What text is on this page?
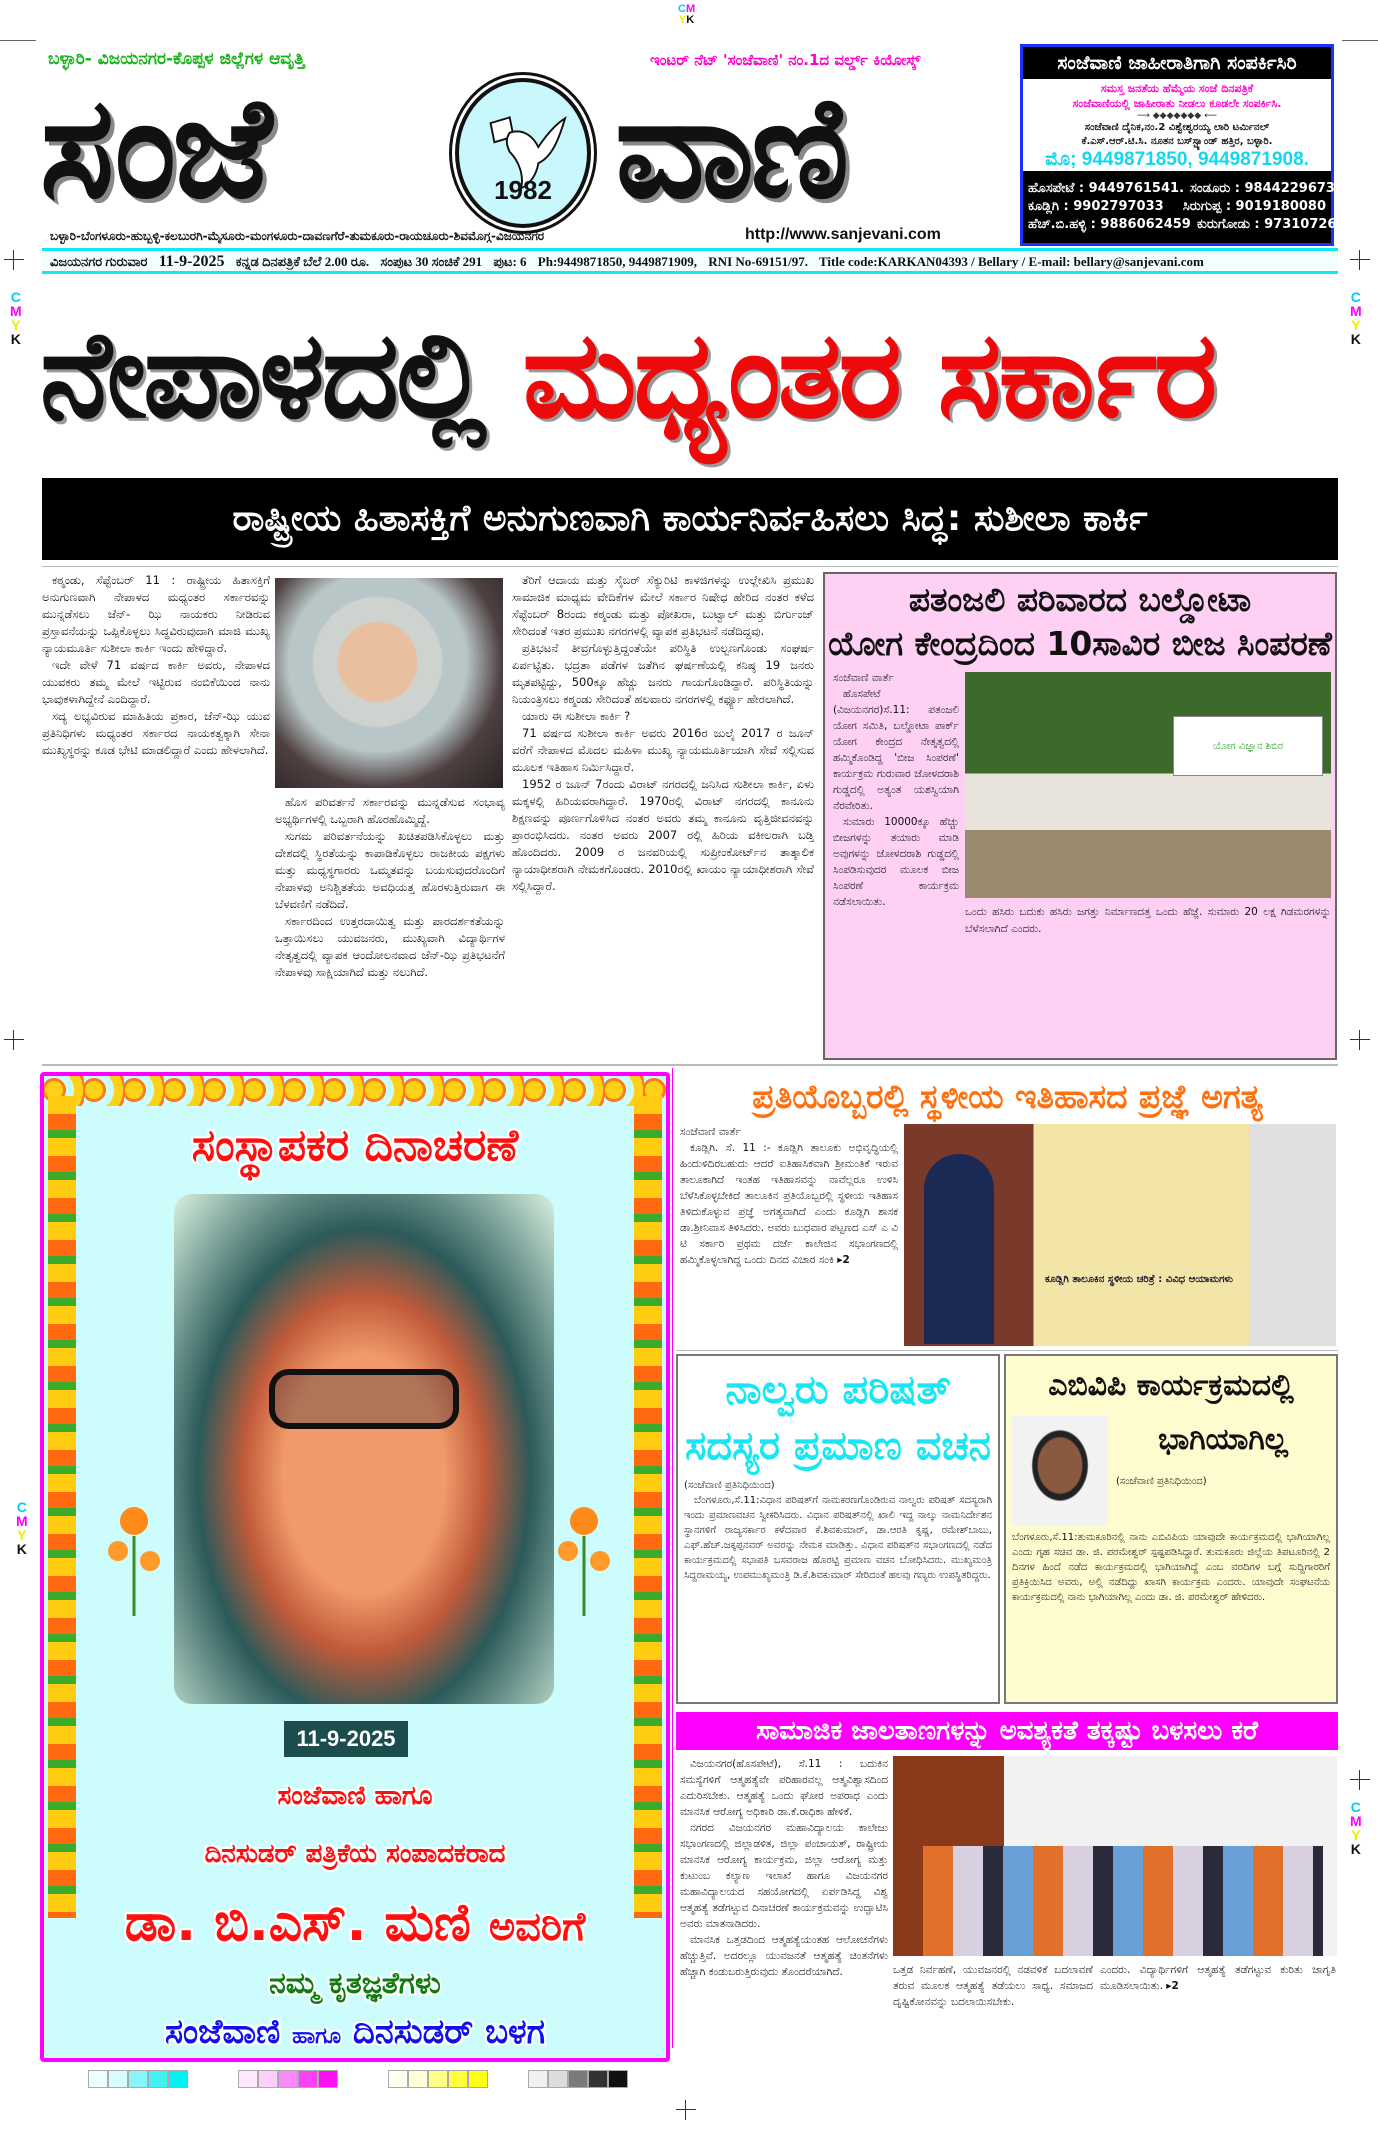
CM
YK
C
M
Y
K
C
M
Y
K
C
M
Y
K
C
M
Y
K
ಬಳ್ಳಾರಿ- ವಿಜಯನಗರ-ಕೊಪ್ಪಳ ಜಿಲ್ಲೆಗಳ ಆವೃತ್ತಿ	ಇಂಟರ್ ನೆಟ್ 'ಸಂಜೆವಾಣಿ' ನಂ.1ದ ವರ್ಲ್ಡ್ ಕಿಯೋಸ್ಕ್
ಸಂಜೆ	1982 ವಾಣಿ
ಬಳ್ಳಾರಿ-ಬೆಂಗಳೂರು-ಹುಬ್ಬಳ್ಳಿ-ಕಲಬುರಗಿ-ಮೈಸೂರು-ಮಂಗಳೂರು-ದಾವಣಗೆರೆ-ತುಮಕೂರು-ರಾಯಚೂರು-ಶಿವಮೊಗ್ಗ-ವಿಜಯನಗರ	http://www.sanjevani.com
ಸಂಜೆವಾಣಿ ಜಾಹೀರಾತಿಗಾಗಿ ಸಂಪರ್ಕಿಸಿರಿ
ಸಮಸ್ತ ಜನತೆಯ ಹೆಮ್ಮೆಯ ಸಂಜೆ ದಿನಪತ್ರಿಕೆ
ಸಂಜೆವಾಣಿಯಲ್ಲಿ ಜಾಹೀರಾತು ನೀಡಲು ಕೂಡಲೇ ಸಂಪರ್ಕಿಸಿ.
⟶ ◆◆◆◆◆◆◆ ⟵
ಸಂಜೆವಾಣಿ ದೈನಿಕ,ನಂ.2 ವಿಶ್ವೇಶ್ವರಯ್ಯ ಲಾರಿ ಟರ್ಮಿನಲ್
ಕೆ.ಎಸ್.ಆರ್.ಟಿ.ಸಿ. ನೂತನ ಬಸ್‌ಸ್ಟ್ಯಾಂಡ್ ಹತ್ತಿರ, ಬಳ್ಳಾರಿ.
ಮೊ; 9449871850, 9449871908.
ಹೊಸಪೇಟೆ : 9449761541. ಸಂಡೂರು : 9844229673
ಕೂಡ್ಲಿಗಿ : 9902797033 ಸಿರುಗುಪ್ಪ : 9019180080
ಹೆಚ್.ಬಿ.ಹಳ್ಳಿ : 9886062459 ಕುರುಗೋಡು : 9731072690
ವಿಜಯನಗರ ಗುರುವಾರ 11-9-2025 ಕನ್ನಡ ದಿನಪತ್ರಿಕೆ ಬೆಲೆ 2.00 ರೂ. ಸಂಪುಟ 30 ಸಂಚಿಕೆ 291 ಪುಟ: 6 Ph:9449871850, 9449871909, RNI No-69151/97. Title code:KARKAN04393 / Bellary / E-mail: bellary@sanjevani.com
ನೇಪಾಳದಲ್ಲಿ ಮಧ್ಯಂತರ ಸರ್ಕಾರ
ರಾಷ್ಟ್ರೀಯ ಹಿತಾಸಕ್ತಿಗೆ ಅನುಗುಣವಾಗಿ ಕಾರ್ಯನಿರ್ವಹಿಸಲು ಸಿದ್ಧ: ಸುಶೀಲಾ ಕಾರ್ಕಿ

ಕಠ್ಮಂಡು, ಸೆಪ್ಟೆಂಬರ್ 11 : ರಾಷ್ಟ್ರೀಯ ಹಿತಾಸಕ್ತಿಗೆ ಅನುಗುಣವಾಗಿ ನೇಪಾಳದ ಮಧ್ಯಂತರ ಸರ್ಕಾರವನ್ನು ಮುನ್ನಡೆಸಲು ಜೆನ್- ಝಿ ನಾಯಕರು ನೀಡಿರುವ ಪ್ರಸ್ತಾವನೆಯನ್ನು ಒಪ್ಪಿಕೊಳ್ಳಲು ಸಿದ್ಧವಿರುವುದಾಗಿ ಮಾಜಿ ಮುಖ್ಯ ನ್ಯಾಯಮೂರ್ತಿ ಸುಶೀಲಾ ಕಾರ್ಕಿ ಇಂದು ಹೇಳಿದ್ದಾರೆ.

ಇದೇ ವೇಳೆ 71 ವರ್ಷದ ಕಾರ್ಕಿ ಅವರು, ನೇಪಾಳದ ಯುವಕರು ತಮ್ಮ ಮೇಲೆ ಇಟ್ಟಿರುವ ನಂಬಿಕೆಯಿಂದ ನಾನು ಭಾವುಕಳಾಗಿದ್ದೇನೆ ಎಂದಿದ್ದಾರೆ.

ಸದ್ಯ ಲಭ್ಯವಿರುವ ಮಾಹಿತಿಯ ಪ್ರಕಾರ, ಜೆನ್-ಝಿ ಯುವ ಪ್ರತಿನಿಧಿಗಳು ಮಧ್ಯಂತರ ಸರ್ಕಾರದ ನಾಯಕತ್ವಕ್ಕಾಗಿ ಸೇನಾ ಮುಖ್ಯಸ್ಥರನ್ನು ಕೂಡ ಭೇಟಿ ಮಾಡಲಿದ್ದಾರೆ ಎಂದು ಹೇಳಲಾಗಿದೆ.

ಹೊಸ ಪರಿವರ್ತನೆ ಸರ್ಕಾರವನ್ನು ಮುನ್ನಡೆಸುವ ಸಂಭಾವ್ಯ ಅಭ್ಯರ್ಥಿಗಳಲ್ಲಿ ಒಬ್ಬರಾಗಿ ಹೊರಹೊಮ್ಮಿದ್ದೆ.

ಸುಗಮ ಪರಿವರ್ತನೆಯನ್ನು ಖಚಿತಪಡಿಸಿಕೊಳ್ಳಲು ಮತ್ತು ದೇಶದಲ್ಲಿ ಸ್ಥಿರತೆಯನ್ನು ಕಾಪಾಡಿಕೊಳ್ಳಲು ರಾಜಕೀಯ ಪಕ್ಷಗಳು ಮತ್ತು ಮಧ್ಯಸ್ಥಗಾರರು ಒಮ್ಮತವನ್ನು ಬಯಸುವುದರೊಂದಿಗೆ ನೇಪಾಳವು ಅನಿಶ್ಚಿತತೆಯ ಅವಧಿಯತ್ತ ಹೊರಳುತ್ತಿರುವಾಗ ಈ ಬೆಳವಣಿಗೆ ನಡೆದಿದೆ.

ಸರ್ಕಾರದಿಂದ ಉತ್ತರದಾಯಿತ್ವ ಮತ್ತು ಪಾರದರ್ಶಕತೆಯನ್ನು ಒತ್ತಾಯಿಸಲು ಯುವಜನರು, ಮುಖ್ಯವಾಗಿ ವಿದ್ಯಾರ್ಥಿಗಳ ನೇತೃತ್ವದಲ್ಲಿ ವ್ಯಾಪಕ ಆಂದೋಲನವಾದ ಜೆನ್-ಝಿ ಪ್ರತಿಭಟನೆಗೆ ನೇಪಾಳವು ಸಾಕ್ಷಿಯಾಗಿದೆ ಮತ್ತು ನಲುಗಿದೆ.

ತೆರಿಗೆ ಆದಾಯ ಮತ್ತು ಸೈಬರ್ ಸೆಕ್ಯುರಿಟಿ ಕಾಳಜಿಗಳನ್ನು ಉಲ್ಲೇಖಿಸಿ ಪ್ರಮುಖ ಸಾಮಾಜಿಕ ಮಾಧ್ಯಮ ವೇದಿಕೆಗಳ ಮೇಲೆ ಸರ್ಕಾರ ನಿಷೇಧ ಹೇರಿದ ನಂತರ ಕಳೆದ ಸೆಪ್ಟೆಂಬರ್ 8ರಂದು ಕಠ್ಮಂಡು ಮತ್ತು ಪೋಖರಾ, ಬುಟ್ವಾಲ್ ಮತ್ತು ಬಿರ್ಗುಂಜ್ ಸೇರಿದಂತೆ ಇತರ ಪ್ರಮುಖ ನಗರಗಳಲ್ಲಿ ವ್ಯಾಪಕ ಪ್ರತಿಭಟನೆ ನಡೆದಿದ್ದವು.

ಪ್ರತಿಭಟನೆ ತೀವ್ರಗೊಳ್ಳುತ್ತಿದ್ದಂತೆಯೇ ಪರಿಸ್ಥಿತಿ ಉಲ್ಬಣಗೊಂಡು ಸಂಘರ್ಷ ಏರ್ಪಟ್ಟಿತು. ಭದ್ರತಾ ಪಡೆಗಳ ಜತೆಗಿನ ಘರ್ಷಣೆಯಲ್ಲಿ ಕನಿಷ್ಠ 19 ಜನರು ಮೃತಪಟ್ಟಿದ್ದು, 500ಕ್ಕೂ ಹೆಚ್ಚು ಜನರು ಗಾಯಗೊಂಡಿದ್ದಾರೆ. ಪರಿಸ್ಥಿತಿಯನ್ನು ನಿಯಂತ್ರಿಸಲು ಕಠ್ಮಂಡು ಸೇರಿದಂತೆ ಹಲವಾರು ನಗರಗಳಲ್ಲಿ ಕರ್ಫ್ಯೂ ಹೇರಲಾಗಿದೆ.

ಯಾರು ಈ ಸುಶೀಲಾ ಕಾರ್ಕಿ ?

71 ವರ್ಷದ ಸುಶೀಲಾ ಕಾರ್ಕಿ ಅವರು 2016ರ ಜುಲೈ 2017 ರ ಜೂನ್ ವರೆಗೆ ನೇಪಾಳದ ಮೊದಲ ಮಹಿಳಾ ಮುಖ್ಯ ನ್ಯಾಯಮೂರ್ತಿಯಾಗಿ ಸೇವೆ ಸಲ್ಲಿಸುವ ಮೂಲಕ ಇತಿಹಾಸ ನಿರ್ಮಿಸಿದ್ದಾರೆ.

1952 ರ ಜೂನ್ 7ರಂದು ವಿರಾಟ್ ನಗರದಲ್ಲಿ ಜನಿಸಿದ ಸುಶೀಲಾ ಕಾರ್ಕಿ, ಏಳು ಮಕ್ಕಳಲ್ಲಿ ಹಿರಿಯವರಾಗಿದ್ದಾರೆ. 1970ರಲ್ಲಿ ವಿರಾಟ್ ನಗರದಲ್ಲಿ ಕಾನೂನು ಶಿಕ್ಷಣವನ್ನು ಪೂರ್ಣಗೊಳಿಸಿದ ನಂತರ ಅವರು ತಮ್ಮ ಕಾನೂನು ವೃತ್ತಿಜೀವನವನ್ನು ಪ್ರಾರಂಭಿಸಿದರು. ನಂತರ ಅವರು 2007 ರಲ್ಲಿ ಹಿರಿಯ ವಕೀಲರಾಗಿ ಬಡ್ತಿ ಹೊಂದಿದರು. 2009 ರ ಜನವರಿಯಲ್ಲಿ ಸುಪ್ರೀಂಕೋರ್ಟ್‌ನ ತಾತ್ಕಾಲಿಕ ನ್ಯಾಯಾಧೀಶರಾಗಿ ನೇಮಕಗೊಂಡರು. 2010ರಲ್ಲಿ ಖಾಯಂ ನ್ಯಾಯಾಧೀಶರಾಗಿ ಸೇವೆ ಸಲ್ಲಿಸಿದ್ದಾರೆ.

ಪತಂಜಲಿ ಪರಿವಾರದ ಬಲ್ಡೋಟಾ
ಯೋಗ ಕೇಂದ್ರದಿಂದ 10ಸಾವಿರ ಬೀಜ ಸಿಂಪರಣೆ
ಸಂಜೆವಾಣಿ ವಾರ್ತೆ

ಹೊಸಪೇಟೆ (ವಿಜಯನಗರ)ಸೆ.11: ಪತಂಜಲಿ ಯೋಗ ಸಮಿತಿ, ಬಲ್ಡೋಟಾ ಪಾರ್ಕ್ ಯೋಗ ಕೇಂದ್ರದ ನೇತೃತ್ವದಲ್ಲಿ ಹಮ್ಮಿಕೊಂಡಿದ್ದ 'ಬೀಜ ಸಿಂಪರಣೆ' ಕಾರ್ಯಕ್ರಮ ಗುರುವಾರ ಜೋಳದರಾಶಿ ಗುಡ್ಡದಲ್ಲಿ ಅತ್ಯಂತ ಯಶಸ್ವಿಯಾಗಿ ನೆರವೇರಿತು.

ಸುಮಾರು 10000ಕ್ಕೂ ಹೆಚ್ಚು ಬೀಜಗಳನ್ನು ತಯಾರು ಮಾಡಿ ಅವುಗಳನ್ನು ಜೋಳದರಾಶಿ ಗುಡ್ಡದಲ್ಲಿ ಸಿಂಪಡಿಸುವುದರ ಮೂಲಕ ಬೀಜ ಸಿಂಪರಣೆ ಕಾರ್ಯಕ್ರಮ ನಡೆಸಲಾಯಿತು.

ಯೋಗ ವಿಜ್ಞಾನ ಶಿಬಿರ
ಒಂದು ಹಸಿರು ಬದುಕು ಹಸಿರು ಜಗತ್ತು ನಿರ್ಮಾಣದತ್ತ ಒಂದು ಹೆಜ್ಜೆ. ಸುಮಾರು 20 ಲಕ್ಷ ಗಿಡಮರಗಳನ್ನು ಬೆಳೆಸಲಾಗಿದೆ ಎಂದರು.
ಸಂಸ್ಥಾಪಕರ ದಿನಾಚರಣೆ
11-9-2025
ಸಂಜೆವಾಣಿ ಹಾಗೂ
ದಿನಸುಡರ್ ಪತ್ರಿಕೆಯ ಸಂಪಾದಕರಾದ
ಡಾ. ಬಿ.ಎಸ್. ಮಣಿ ಅವರಿಗೆ
ನಮ್ಮ ಕೃತಜ್ಞತೆಗಳು
ಸಂಜೆವಾಣಿ ಹಾಗೂ ದಿನಸುಡರ್ ಬಳಗ
ಪ್ರತಿಯೊಬ್ಬರಲ್ಲಿ ಸ್ಥಳೀಯ ಇತಿಹಾಸದ ಪ್ರಜ್ಞೆ ಅಗತ್ಯ
ಸಂಜೆವಾಣಿ ವಾರ್ತೆ

ಕೂಡ್ಲಿಗಿ. ಸೆ. 11 :- ಕೂಡ್ಲಿಗಿ ತಾಲೂಕು ಅಭಿವೃದ್ಧಿಯಲ್ಲಿ ಹಿಂದುಳಿದಿರಬಹುದು ಆದರೆ ಐತಿಹಾಸಿಕವಾಗಿ ಶ್ರೀಮಂತಿಕೆ ಇರುವ ತಾಲೂಕಾಗಿದೆ ಇಂತಹ ಇತಿಹಾಸವನ್ನು ನಾವೆಲ್ಲರೂ ಉಳಿಸಿ ಬೆಳೆಸಿಕೊಳ್ಳಬೇಕಿದೆ ತಾಲೂಕಿನ ಪ್ರತಿಯೊಬ್ಬರಲ್ಲಿ ಸ್ಥಳೀಯ ಇತಿಹಾಸ ತಿಳಿದುಕೊಳ್ಳುವ ಪ್ರಜ್ಞೆ ಅಗತ್ಯವಾಗಿದೆ ಎಂದು ಕೂಡ್ಲಿಗಿ ಶಾಸಕ ಡಾ.ಶ್ರೀನಿವಾಸ ತಿಳಿಸಿದರು. ಅವರು ಬುಧವಾರ ಪಟ್ಟಣದ ಎಸ್ ಎ ವಿ ಟಿ ಸರ್ಕಾರಿ ಪ್ರಥಮ ದರ್ಜೆ ಕಾಲೇಜಿನ ಸಭಾಂಗಣದಲ್ಲಿ ಹಮ್ಮಿಕೊಳ್ಳಲಾಗಿದ್ದ ಒಂದು ದಿನದ ವಿಚಾರ ಸಂಕಿ ▸2

ಕೂಡ್ಲಿಗಿ ತಾಲೂಕಿನ ಸ್ಥಳೀಯ ಚರಿತ್ರೆ : ವಿವಿಧ ಆಯಾಮಗಳು
ನಾಲ್ವರು ಪರಿಷತ್
ಸದಸ್ಯರ ಪ್ರಮಾಣ ವಚನ
(ಸಂಜೆವಾಣಿ ಪ್ರತಿನಿಧಿಯಿಂದ)

ಬೆಂಗಳೂರು,ಸೆ.11:ವಿಧಾನ ಪರಿಷತ್‌ಗೆ ನಾಮಕರಣಗೊಂಡಿರುವ ನಾಲ್ವರು ಪರಿಷತ್ ಸದಸ್ಯರಾಗಿ ಇಂದು ಪ್ರಮಾಣವಚನ ಸ್ವೀಕರಿಸಿದರು. ವಿಧಾನ ಪರಿಷತ್‌ನಲ್ಲಿ ಖಾಲಿ ಇದ್ದ ನಾಲ್ಕು ನಾಮನಿರ್ದೇಶನ ಸ್ಥಾನಗಳಿಗೆ ರಾಜ್ಯಸರ್ಕಾರ ಕಳೆದವಾರ ಕೆ.ಶಿವಕುಮಾರ್, ಡಾ.ಆರತಿ ಕೃಷ್ಣ, ರಮೇಶ್‌ಬಾಬು, ಎಫ್.ಹೆಚ್.ಜಕ್ಕಪ್ಪನವರ್ ಅವರನ್ನು ನೇಮಕ ಮಾಡಿತ್ತು. ವಿಧಾನ ಪರಿಷತ್‌ನ ಸಭಾಂಗಣದಲ್ಲಿ ನಡೆದ ಕಾರ್ಯಕ್ರಮದಲ್ಲಿ ಸಭಾಪತಿ ಬಸವರಾಜ ಹೊರಟ್ಟಿ ಪ್ರಮಾಣ ವಚನ ಬೋಧಿಸಿದರು. ಮುಖ್ಯಮಂತ್ರಿ ಸಿದ್ದರಾಮಯ್ಯ, ಉಪಮುಖ್ಯಮಂತ್ರಿ ಡಿ.ಕೆ.ಶಿವಕುಮಾರ್ ಸೇರಿದಂತೆ ಹಲವು ಗಣ್ಯರು ಉಪಸ್ಥಿತರಿದ್ದರು.

ಎಬಿವಿಪಿ ಕಾರ್ಯಕ್ರಮದಲ್ಲಿ
ಭಾಗಿಯಾಗಿಲ್ಲ
(ಸಂಜೆವಾಣಿ ಪ್ರತಿನಿಧಿಯಿಂದ)
ಬೆಂಗಳೂರು,ಸೆ.11:ತುಮಕೂರಿನಲ್ಲಿ ನಾನು ಎಬಿವಿಪಿಯ ಯಾವುದೇ ಕಾರ್ಯಕ್ರಮದಲ್ಲಿ ಭಾಗಿಯಾಗಿಲ್ಲ ಎಂದು ಗೃಹ ಸಚಿವ ಡಾ. ಜಿ. ಪರಮೇಶ್ವರ್ ಸ್ಪಷ್ಟಪಡಿಸಿದ್ದಾರೆ. ತುಮಕೂರು ಜಿಲ್ಲೆಯ ತಿಪಟೂರಿನಲ್ಲಿ 2 ದಿನಗಳ ಹಿಂದೆ ನಡೆದ ಕಾರ್ಯಕ್ರಮದಲ್ಲಿ ಭಾಗಿಯಾಗಿದ್ದೆ ಎಂಬ ವರದಿಗಳ ಬಗ್ಗೆ ಸುದ್ದಿಗಾರರಿಗೆ ಪ್ರತಿಕ್ರಿಯಿಸಿದ ಅವರು, ಅಲ್ಲಿ ನಡೆದಿದ್ದು ಖಾಸಗಿ ಕಾರ್ಯಕ್ರಮ ಎಂದರು. ಯಾವುದೇ ಸಂಘಟನೆಯ ಕಾರ್ಯಕ್ರಮದಲ್ಲಿ ನಾನು ಭಾಗಿಯಾಗಿಲ್ಲ ಎಂದು ಡಾ. ಜಿ. ಪರಮೇಶ್ವರ್ ಹೇಳಿದರು.
ಸಾಮಾಜಿಕ ಜಾಲತಾಣಗಳನ್ನು ಅವಶ್ಯಕತೆ ತಕ್ಕಷ್ಟು ಬಳಸಲು ಕರೆ

ವಿಜಯನಗರ(ಹೊಸಪೇಟೆ), ಸೆ.11 : ಬದುಕಿನ ಸಮಸ್ಯೆಗಳಿಗೆ ಆತ್ಮಹತ್ಯೆವೇ ಪರಿಹಾರವಲ್ಲ ಆತ್ಮವಿಶ್ವಾಸದಿಂದ ಎದುರಿಸಬೇಕು. ಆತ್ಮಹತ್ಯೆ ಒಂದು ಘೋರ ಅಪರಾಧ ಎಂದು ಮಾನಸಿಕ ಆರೋಗ್ಯ ಅಧಿಕಾರಿ ಡಾ.ಕೆ.ರಾಧಿಕಾ ಹೇಳಿಕೆ.

ನಗರದ ವಿಜಯನಗರ ಮಹಾವಿದ್ಯಾಲಯ ಕಾಲೇಜು ಸಭಾಂಗಣದಲ್ಲಿ ಜಿಲ್ಲಾಡಳಿತ, ಜಿಲ್ಲಾ ಪಂಚಾಯತ್, ರಾಷ್ಟ್ರೀಯ ಮಾನಸಿಕ ಆರೋಗ್ಯ ಕಾರ್ಯಕ್ರಮ, ಜಿಲ್ಲಾ ಆರೋಗ್ಯ ಮತ್ತು ಕುಟುಂಬ ಕಲ್ಯಾಣ ಇಲಾಖೆ ಹಾಗೂ ವಿಜಯನಗರ ಮಹಾವಿದ್ಯಾಲಯದ ಸಹಯೋಗದಲ್ಲಿ ಏರ್ಪಡಿಸಿದ್ದ ವಿಶ್ವ ಆತ್ಮಹತ್ಯೆ ತಡೆಗಟ್ಟುವ ದಿನಾಚರಣೆ ಕಾರ್ಯಕ್ರಮವನ್ನು ಉದ್ಘಾಟಿಸಿ ಅವರು ಮಾತನಾಡಿದರು.

ಮಾನಸಿಕ ಒತ್ತಡದಿಂದ ಆತ್ಮಹತ್ಯೆಯಂತಹ ಆಲೋಚನೆಗಳು ಹೆಚ್ಚುತ್ತಿವೆ. ಅದರಲ್ಲೂ ಯುವಜನತೆ ಆತ್ಮಹತ್ಯೆ ಚಿಂತನೆಗಳು ಹೆಚ್ಚಾಗಿ ಕಂಡುಬರುತ್ತಿರುವುದು ತೊಂದರೆಯಾಗಿದೆ.	ಒತ್ತಡ ನಿರ್ವಹಣೆ, ಯುವಜನರಲ್ಲಿ ನಡವಳಿಕೆ ಬದಲಾವಣೆ ತರುವ ಮೂಲಕ ಆತ್ಮಹತ್ಯೆ ತಡೆಯಲು ಸಾಧ್ಯ. ಸಮಾಜದ ದೃಷ್ಟಿಕೋನವನ್ನು ಬದಲಾಯಿಸಬೇಕು.
ಎಂದರು. ವಿದ್ಯಾರ್ಥಿಗಳಿಗೆ ಆತ್ಮಹತ್ಯೆ ತಡೆಗಟ್ಟುವ ಕುರಿತು ಜಾಗೃತಿ ಮೂಡಿಸಲಾಯಿತು. ▸2
